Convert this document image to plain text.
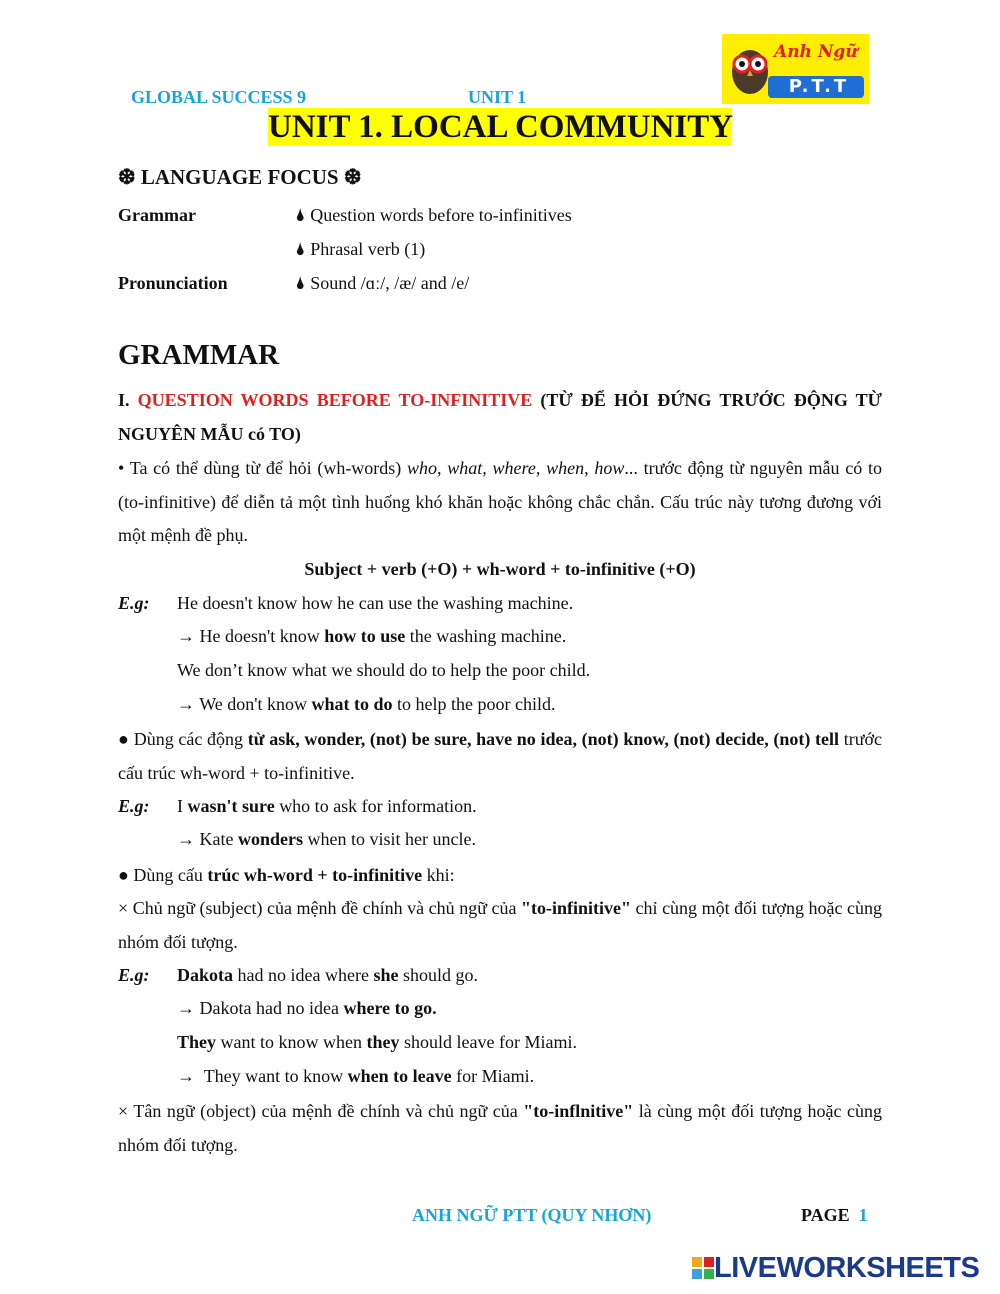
GLOBAL SUCCESS 9	UNIT 1
Anh Ngữ
P.T.T
UNIT 1. LOCAL COMMUNITY
❆ LANGUAGE FOCUS ❆
Grammar	🌢 Question words before to-infinitives
🌢 Phrasal verb (1)
Pronunciation	🌢 Sound /ɑː/, /æ/ and /e/
GRAMMAR
I. QUESTION WORDS BEFORE TO-INFINITIVE (TỪ ĐỂ HỎI ĐỨNG TRƯỚC ĐỘNG TỪ NGUYÊN MẪU có TO)
• Ta có thể dùng từ để hỏi (wh-words) who, what, where, when, how... trước động từ nguyên mẫu có to (to-infinitive) để diễn tả một tình huống khó khăn hoặc không chắc chắn. Cấu trúc này tương đương với một mệnh đề phụ.
Subject + verb (+O) + wh-word + to-infinitive (+O)
E.g: He doesn't know how he can use the washing machine.
→ He doesn't know how to use the washing machine.
We don’t know what we should do to help the poor child.
→ We don't know what to do to help the poor child.
● Dùng các động từ ask, wonder, (not) be sure, have no idea, (not) know, (not) decide, (not) tell trước cấu trúc wh-word + to-infinitive.
E.g: I wasn't sure who to ask for information.
→ Kate wonders when to visit her uncle.
● Dùng cấu trúc wh-word + to-infinitive khi:
× Chủ ngữ (subject) của mệnh đề chính và chủ ngữ của "to-infinitive" chỉ cùng một đối tượng hoặc cùng nhóm đối tượng.
E.g: Dakota had no idea where she should go.
→ Dakota had no idea where to go.
They want to know when they should leave for Miami.
→ They want to know when to leave for Miami.
× Tân ngữ (object) của mệnh đề chính và chủ ngữ của "to-inflnitive" là cùng một đối tượng hoặc cùng nhóm đối tượng.
ANH NGỮ PTT (QUY NHƠN)	PAGE 1
LIVEWORKSHEETS
